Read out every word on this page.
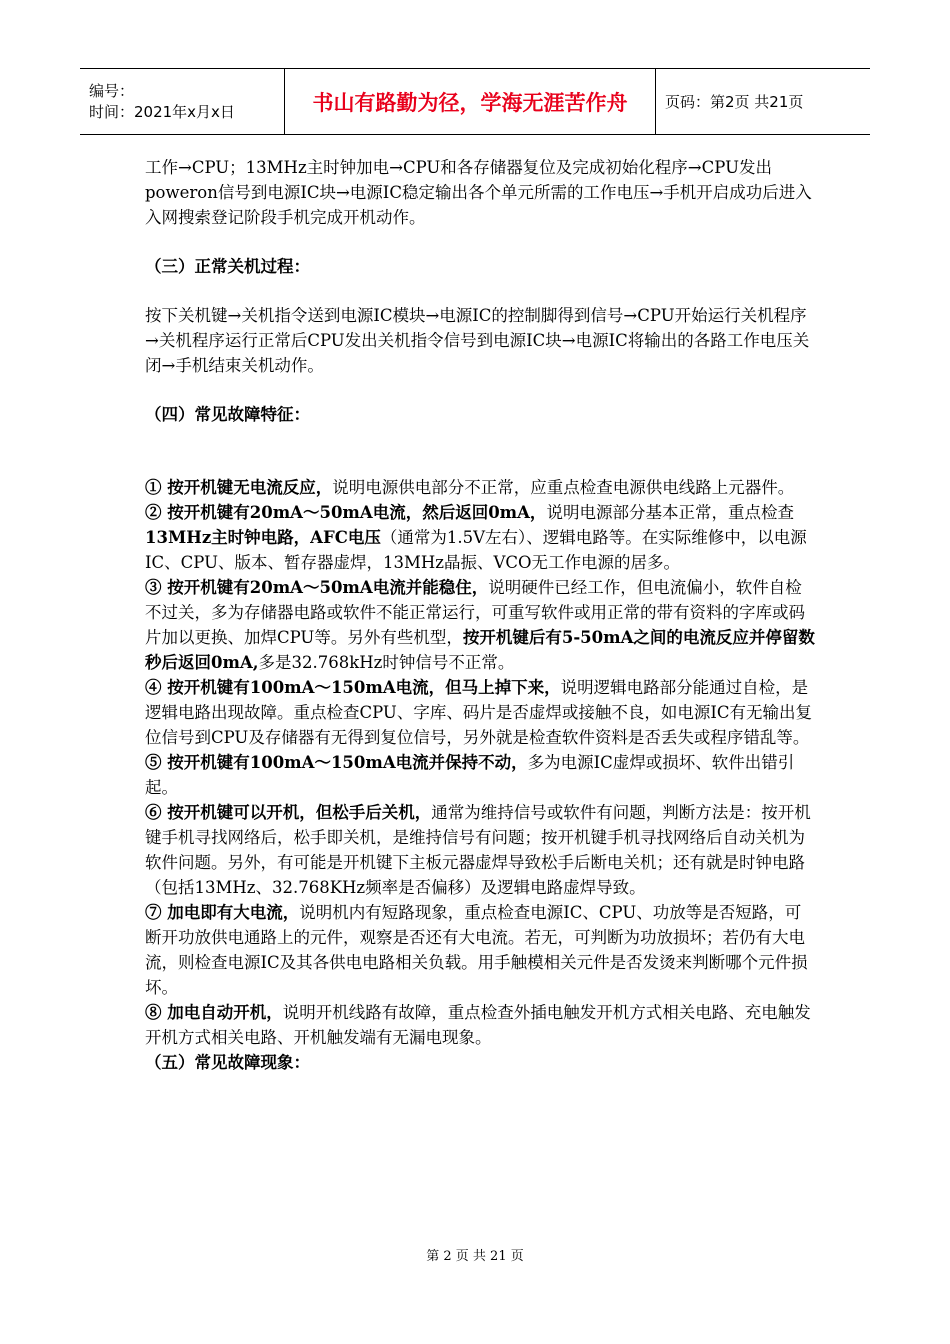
编号：
时间：2021年x月x日	书山有路勤为径，学海无涯苦作舟	页码：第2页 共21页

工作→CPU；13MHz主时钟加电→CPU和各存储器复位及完成初始化程序→CPU发出poweron信号到电源IC块→电源IC稳定输出各个单元所需的工作电压→手机开启成功后进入入网搜索登记阶段手机完成开机动作。

（三）正常关机过程：

按下关机键→关机指令送到电源IC模块→电源IC的控制脚得到信号→CPU开始运行关机程序→关机程序运行正常后CPU发出关机指令信号到电源IC块→电源IC将输出的各路工作电压关闭→手机结束关机动作。

（四）常见故障特征：

① 按开机键无电流反应，说明电源供电部分不正常，应重点检查电源供电线路上元器件。

② 按开机键有20mA～50mA电流，然后返回0mA，说明电源部分基本正常，重点检查13MHz主时钟电路，AFC电压（通常为1.5V左右）、逻辑电路等。在实际维修中，以电源IC、CPU、版本、暂存器虚焊，13MHz晶振、VCO无工作电源的居多。

③ 按开机键有20mA～50mA电流并能稳住，说明硬件已经工作，但电流偏小，软件自检不过关，多为存储器电路或软件不能正常运行，可重写软件或用正常的带有资料的字库或码片加以更换、加焊CPU等。另外有些机型，按开机键后有5-50mA之间的电流反应并停留数秒后返回0mA,多是32.768kHz时钟信号不正常。

④ 按开机键有100mA～150mA电流，但马上掉下来，说明逻辑电路部分能通过自检，是逻辑电路出现故障。重点检查CPU、字库、码片是否虚焊或接触不良，如电源IC有无输出复位信号到CPU及存储器有无得到复位信号，另外就是检查软件资料是否丢失或程序错乱等。

⑤ 按开机键有100mA～150mA电流并保持不动，多为电源IC虚焊或损坏、软件出错引起。

⑥ 按开机键可以开机，但松手后关机，通常为维持信号或软件有问题，判断方法是：按开机键手机寻找网络后，松手即关机，是维持信号有问题；按开机键手机寻找网络后自动关机为软件问题。另外，有可能是开机键下主板元器虚焊导致松手后断电关机；还有就是时钟电路（包括13MHz、32.768KHz频率是否偏移）及逻辑电路虚焊导致。

⑦ 加电即有大电流，说明机内有短路现象，重点检查电源IC、CPU、功放等是否短路，可断开功放供电通路上的元件，观察是否还有大电流。若无，可判断为功放损坏；若仍有大电流，则检查电源IC及其各供电电路相关负载。用手触模相关元件是否发烫来判断哪个元件损坏。

⑧ 加电自动开机，说明开机线路有故障，重点检查外插电触发开机方式相关电路、充电触发开机方式相关电路、开机触发端有无漏电现象。

（五）常见故障现象：

第 2 页 共 21 页
